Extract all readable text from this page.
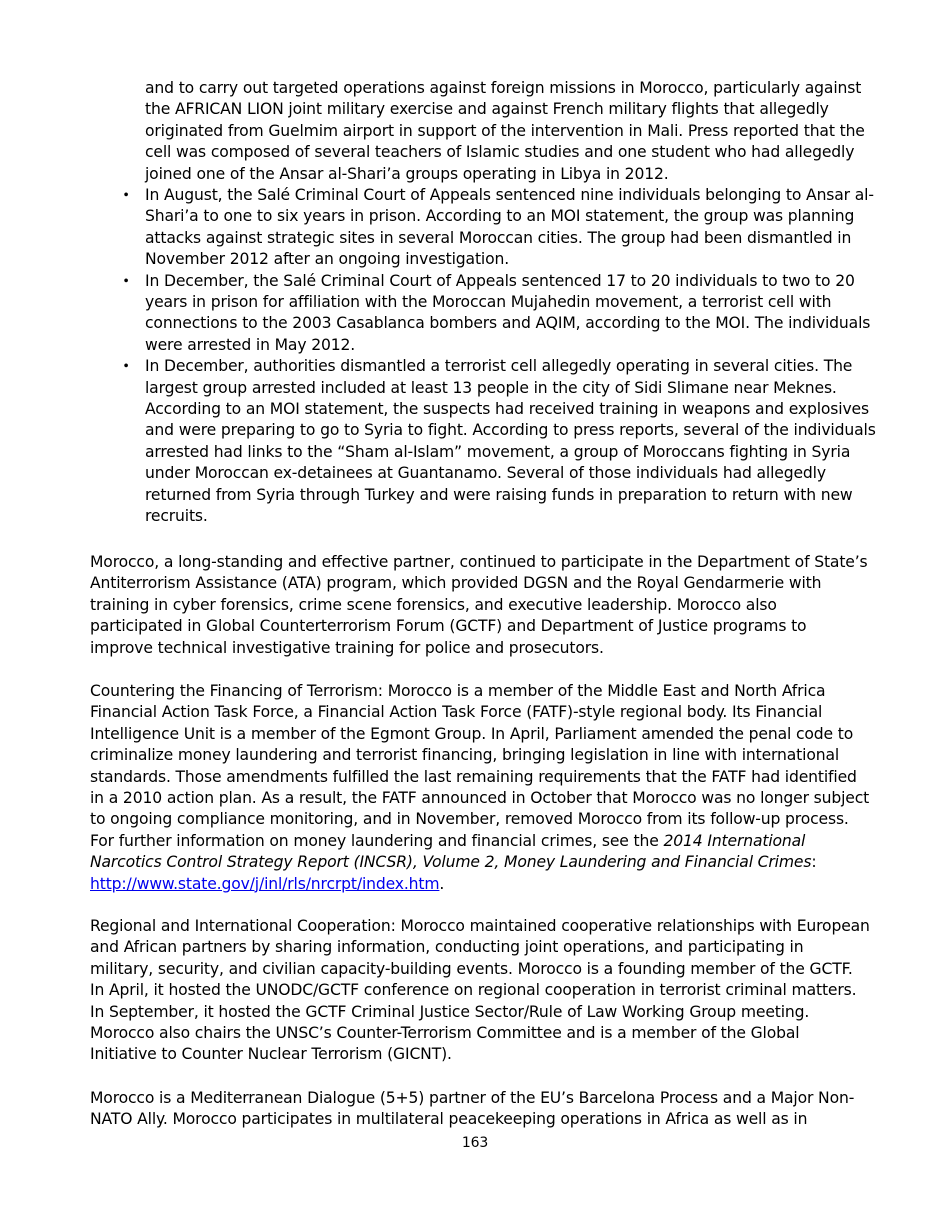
and to carry out targeted operations against foreign missions in Morocco, particularly against the AFRICAN LION joint military exercise and against French military flights that allegedly originated from Guelmim airport in support of the intervention in Mali. Press reported that the cell was composed of several teachers of Islamic studies and one student who had allegedly joined one of the Ansar al-Shari’a groups operating in Libya in 2012.

• In August, the Salé Criminal Court of Appeals sentenced nine individuals belonging to Ansar al-Shari’a to one to six years in prison. According to an MOI statement, the group was planning attacks against strategic sites in several Moroccan cities. The group had been dismantled in November 2012 after an ongoing investigation.
• In December, the Salé Criminal Court of Appeals sentenced 17 to 20 individuals to two to 20 years in prison for affiliation with the Moroccan Mujahedin movement, a terrorist cell with connections to the 2003 Casablanca bombers and AQIM, according to the MOI. The individuals were arrested in May 2012.
• In December, authorities dismantled a terrorist cell allegedly operating in several cities. The largest group arrested included at least 13 people in the city of Sidi Slimane near Meknes. According to an MOI statement, the suspects had received training in weapons and explosives and were preparing to go to Syria to fight. According to press reports, several of the individuals arrested had links to the “Sham al-Islam” movement, a group of Moroccans fighting in Syria under Moroccan ex-detainees at Guantanamo. Several of those individuals had allegedly returned from Syria through Turkey and were raising funds in preparation to return with new recruits.

Morocco, a long-standing and effective partner, continued to participate in the Department of State’s Antiterrorism Assistance (ATA) program, which provided DGSN and the Royal Gendarmerie with training in cyber forensics, crime scene forensics, and executive leadership. Morocco also participated in Global Counterterrorism Forum (GCTF) and Department of Justice programs to improve technical investigative training for police and prosecutors.

Countering the Financing of Terrorism: Morocco is a member of the Middle East and North Africa Financial Action Task Force, a Financial Action Task Force (FATF)-style regional body. Its Financial Intelligence Unit is a member of the Egmont Group. In April, Parliament amended the penal code to criminalize money laundering and terrorist financing, bringing legislation in line with international standards. Those amendments fulfilled the last remaining requirements that the FATF had identified in a 2010 action plan. As a result, the FATF announced in October that Morocco was no longer subject to ongoing compliance monitoring, and in November, removed Morocco from its follow-up process. For further information on money laundering and financial crimes, see the 2014 International Narcotics Control Strategy Report (INCSR), Volume 2, Money Laundering and Financial Crimes: http://www.state.gov/j/inl/rls/nrcrpt/index.htm.

Regional and International Cooperation: Morocco maintained cooperative relationships with European and African partners by sharing information, conducting joint operations, and participating in military, security, and civilian capacity-building events. Morocco is a founding member of the GCTF. In April, it hosted the UNODC/GCTF conference on regional cooperation in terrorist criminal matters. In September, it hosted the GCTF Criminal Justice Sector/Rule of Law Working Group meeting. Morocco also chairs the UNSC’s Counter-Terrorism Committee and is a member of the Global Initiative to Counter Nuclear Terrorism (GICNT).

Morocco is a Mediterranean Dialogue (5+5) partner of the EU’s Barcelona Process and a Major Non-NATO Ally. Morocco participates in multilateral peacekeeping operations in Africa as well as in

163
